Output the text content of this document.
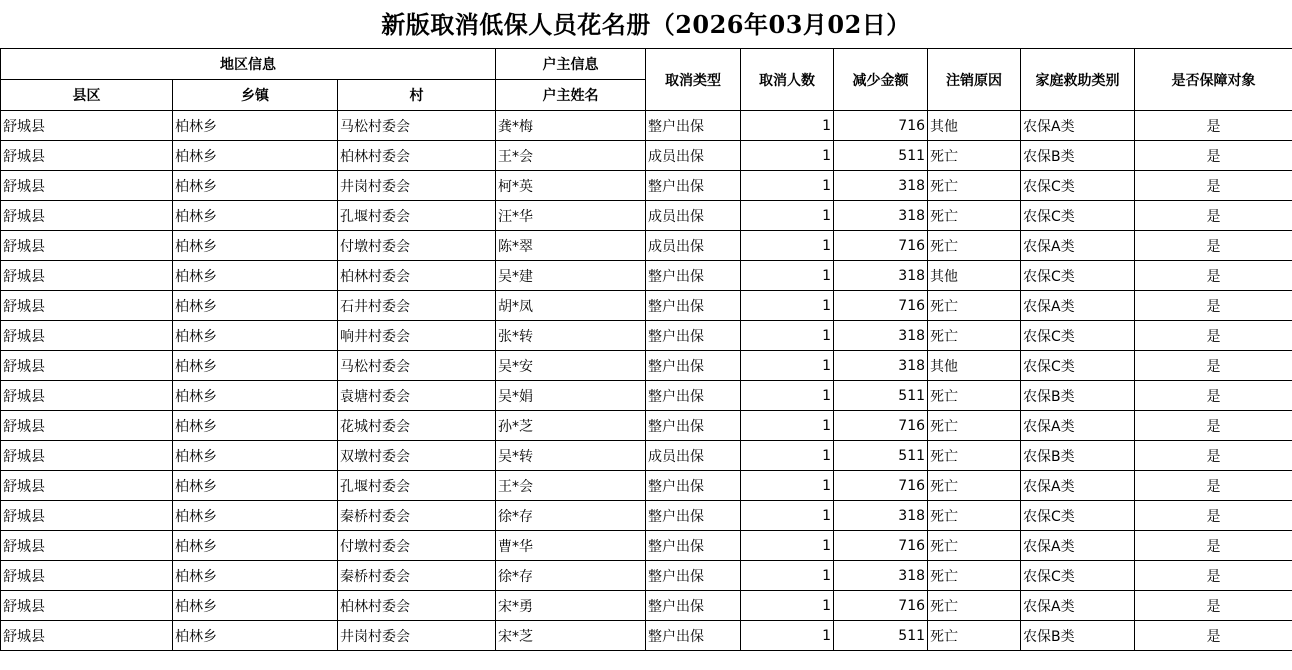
新版取消低保人员花名册（2026年03月02日）
地区信息			户主信息	取消类型	取消人数	减少金额	注销原因	家庭救助类别	是否保障对象
县区	乡镇	村	户主姓名						
舒城县	柏林乡	马松村委会	龚*梅	整户出保	1	716	其他	农保A类	是
舒城县	柏林乡	柏林村委会	王*会	成员出保	1	511	死亡	农保B类	是
舒城县	柏林乡	井岗村委会	柯*英	整户出保	1	318	死亡	农保C类	是
舒城县	柏林乡	孔堰村委会	汪*华	成员出保	1	318	死亡	农保C类	是
舒城县	柏林乡	付墩村委会	陈*翠	成员出保	1	716	死亡	农保A类	是
舒城县	柏林乡	柏林村委会	吴*建	整户出保	1	318	其他	农保C类	是
舒城县	柏林乡	石井村委会	胡*凤	整户出保	1	716	死亡	农保A类	是
舒城县	柏林乡	响井村委会	张*转	整户出保	1	318	死亡	农保C类	是
舒城县	柏林乡	马松村委会	吴*安	整户出保	1	318	其他	农保C类	是
舒城县	柏林乡	袁塘村委会	吴*娟	整户出保	1	511	死亡	农保B类	是
舒城县	柏林乡	花城村委会	孙*芝	整户出保	1	716	死亡	农保A类	是
舒城县	柏林乡	双墩村委会	吴*转	成员出保	1	511	死亡	农保B类	是
舒城县	柏林乡	孔堰村委会	王*会	整户出保	1	716	死亡	农保A类	是
舒城县	柏林乡	秦桥村委会	徐*存	整户出保	1	318	死亡	农保C类	是
舒城县	柏林乡	付墩村委会	曹*华	整户出保	1	716	死亡	农保A类	是
舒城县	柏林乡	秦桥村委会	徐*存	整户出保	1	318	死亡	农保C类	是
舒城县	柏林乡	柏林村委会	宋*勇	整户出保	1	716	死亡	农保A类	是
舒城县	柏林乡	井岗村委会	宋*芝	整户出保	1	511	死亡	农保B类	是
